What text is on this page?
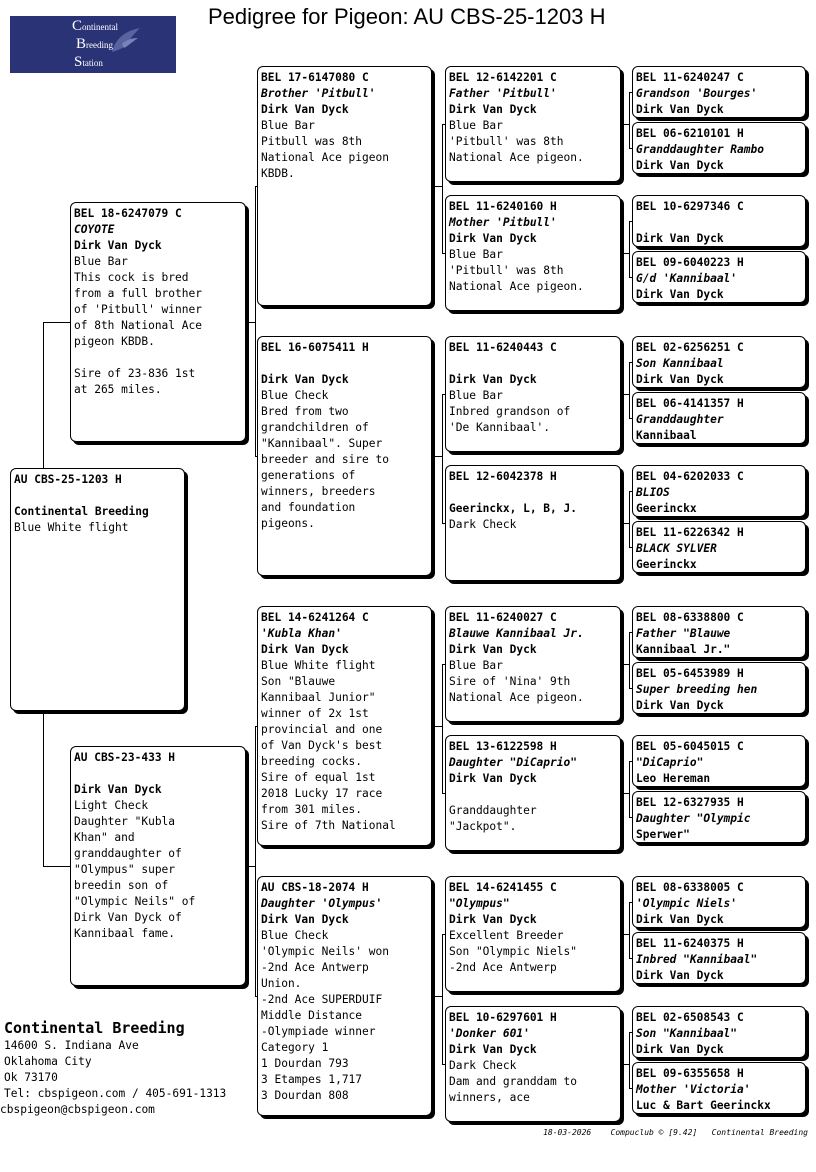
Pedigree for Pigeon: AU CBS-25-1203 H
Continental
Breeding
Station
AU CBS-25-1203 H
Continental Breeding
Blue White flight
BEL 18-6247079 C
COYOTE
Dirk Van Dyck
Blue Bar
This cock is bred
from a full brother
of 'Pitbull' winner
of 8th National Ace
pigeon KBDB.
Sire of 23-836 1st
at 265 miles.
AU CBS-23-433 H
Dirk Van Dyck
Light Check
Daughter "Kubla
Khan" and
granddaughter of
"Olympus" super
breedin son of
"Olympic Neils" of
Dirk Van Dyck of
Kannibaal fame.
BEL 17-6147080 C
Brother 'Pitbull'
Dirk Van Dyck
Blue Bar
Pitbull was 8th
National Ace pigeon
KBDB.
BEL 16-6075411 H
Dirk Van Dyck
Blue Check
Bred from two
grandchildren of
"Kannibaal". Super
breeder and sire to
generations of
winners, breeders
and foundation
pigeons.
BEL 14-6241264 C
'Kubla Khan'
Dirk Van Dyck
Blue White flight
Son "Blauwe
Kannibaal Junior"
winner of 2x 1st
provincial and one
of Van Dyck's best
breeding cocks.
Sire of equal 1st
2018 Lucky 17 race
from 301 miles.
Sire of 7th National
AU CBS-18-2074 H
Daughter 'Olympus'
Dirk Van Dyck
Blue Check
'Olympic Neils' won
-2nd Ace Antwerp
Union.
-2nd Ace SUPERDUIF
Middle Distance
-Olympiade winner
Category 1
1 Dourdan 793
3 Etampes 1,717
3 Dourdan 808
BEL 12-6142201 C
Father 'Pitbull'
Dirk Van Dyck
Blue Bar
'Pitbull' was 8th
National Ace pigeon.
BEL 11-6240160 H
Mother 'Pitbull'
Dirk Van Dyck
Blue Bar
'Pitbull' was 8th
National Ace pigeon.
BEL 11-6240443 C
Dirk Van Dyck
Blue Bar
Inbred grandson of
'De Kannibaal'.
BEL 12-6042378 H
Geerinckx, L, B, J.
Dark Check
BEL 11-6240027 C
Blauwe Kannibaal Jr.
Dirk Van Dyck
Blue Bar
Sire of 'Nina' 9th
National Ace pigeon.
BEL 13-6122598 H
Daughter "DiCaprio"
Dirk Van Dyck
Granddaughter
"Jackpot".
BEL 14-6241455 C
"Olympus"
Dirk Van Dyck
Excellent Breeder
Son "Olympic Niels"
-2nd Ace Antwerp
BEL 10-6297601 H
'Donker 601'
Dirk Van Dyck
Dark Check
Dam and granddam to
winners, ace
BEL 11-6240247 C
Grandson 'Bourges'
Dirk Van Dyck
BEL 06-6210101 H
Granddaughter Rambo
Dirk Van Dyck
BEL 10-6297346 C
Dirk Van Dyck
BEL 09-6040223 H
G/d 'Kannibaal'
Dirk Van Dyck
BEL 02-6256251 C
Son Kannibaal
Dirk Van Dyck
BEL 06-4141357 H
Granddaughter
Kannibaal
BEL 04-6202033 C
BLIOS
Geerinckx
BEL 11-6226342 H
BLACK SYLVER
Geerinckx
BEL 08-6338800 C
Father "Blauwe
Kannibaal Jr."
BEL 05-6453989 H
Super breeding hen
Dirk Van Dyck
BEL 05-6045015 C
"DiCaprio"
Leo Hereman
BEL 12-6327935 H
Daughter "Olympic
Sperwer"
BEL 08-6338005 C
'Olympic Niels'
Dirk Van Dyck
BEL 11-6240375 H
Inbred "Kannibaal"
Dirk Van Dyck
BEL 02-6508543 C
Son "Kannibaal"
Dirk Van Dyck
BEL 09-6355658 H
Mother 'Victoria'
Luc & Bart Geerinckx
Continental Breeding
14600 S. Indiana Ave
Oklahoma City
Ok 73170
Tel: cbspigeon.com / 405-691-1313
cbspigeon@cbspigeon.com
18-03-2026 Compuclub © [9.42] Continental Breeding
